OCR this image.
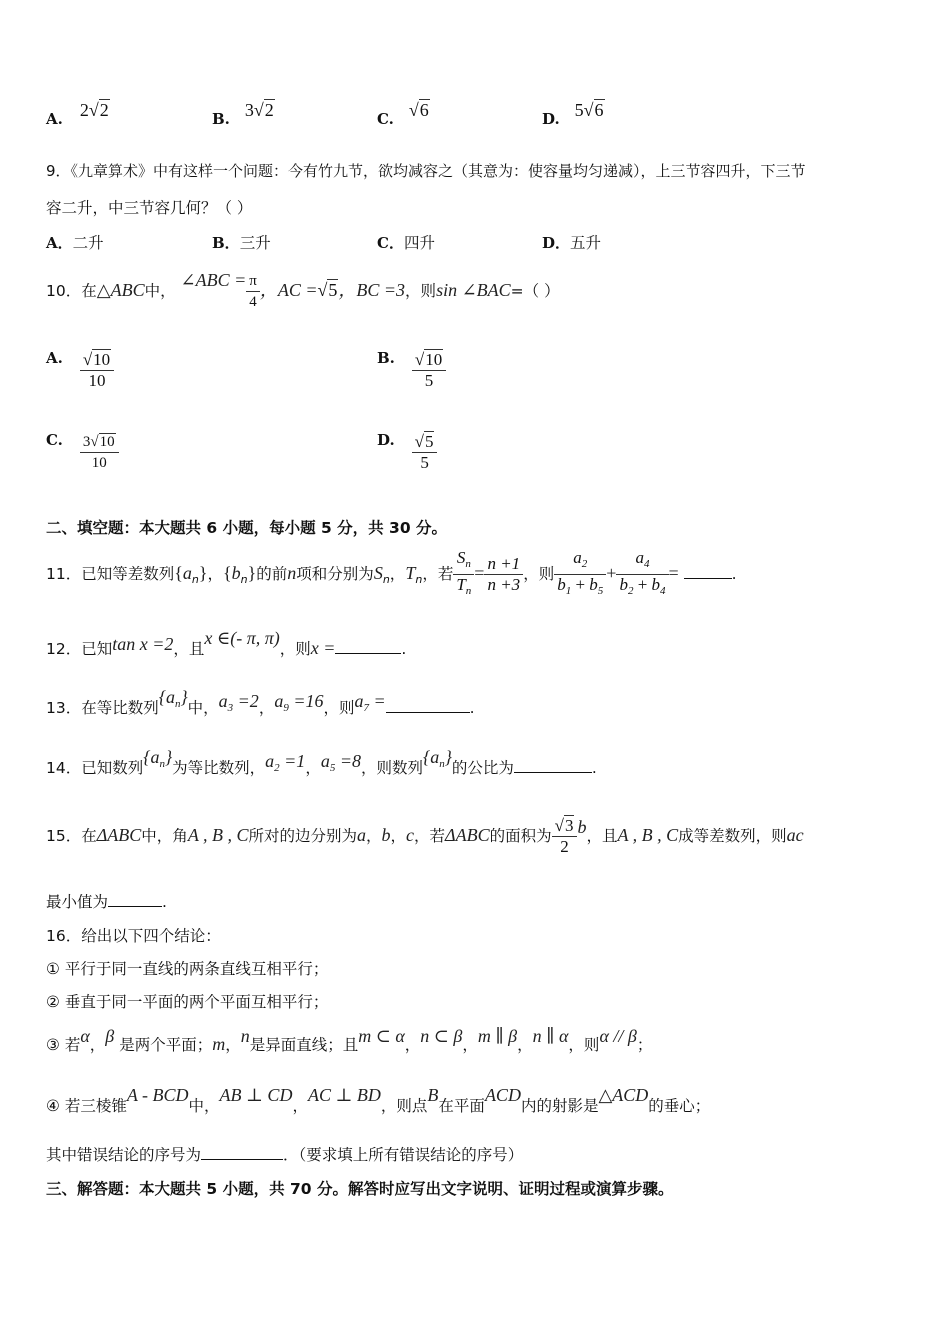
A. 2√2	B. 3√2	C. √6	D. 5√6
9．《九章算术》中有这样一个问题：今有竹九节，欲均减容之（其意为：使容量均匀递减），上三节容四升，下三节
容二升，中三节容几何？（ ）
A．二升	B．三升	C．四升	D．五升
10．在△ABC中， ∠ABC = $\frac{\pi}{4}$ ，AC =√5，BC =3，则sin ∠BAC=（ ）
A. $\frac{√10}{10}$	B. $\frac{√10}{5}$
C. $\frac{3√10}{10}$	D. $\frac{√5}{5}$
二、填空题：本大题共 6 小题，每小题 5 分，共 30 分。
11．已知等差数列$\{a_n\}$，$\{b_n\}$的前n项和分别为$S_n$，$T_n$，若 $\frac{S_n}{T_n} = \frac{n +1}{n +3}$ ，则 $\frac{a_2}{b_1 + b_5} + \frac{a_4}{b_2 + b_4}$ =	.
12．已知tan x =2，且x ∈(- π, π)，则x =	.
13．在等比数列$\{a_n\}$中，$a_3 =2$，$a_9 =16$，则$a_7$ =	.
14．已知数列$\{a_n\}$为等比数列，$a_2 =1$，$a_5 =8$，则数列$\{a_n\}$的公比为	.
15．在ΔABC中，角A , B , C所对的边分别为a，b，c，若ΔABC的面积为 $\frac{√3}{2}$ b，且A , B , C成等差数列，则ac
最小值为	.
16．给出以下四个结论：
① 平行于同一直线的两条直线互相平行；
② 垂直于同一平面的两个平面互相平行；
③ 若α，β 是两个平面；m，n是异面直线；且m ⊂ α，n ⊂ β，m ∥ β，n ∥ α，则α // β；
④ 若三棱锥A - BCD中，AB ⊥ CD，AC ⊥ BD，则点B在平面ACD内的射影是△ACD的垂心；
其中错误结论的序号为	．（要求填上所有错误结论的序号）
三、解答题：本大题共 5 小题，共 70 分。解答时应写出文字说明、证明过程或演算步骤。
